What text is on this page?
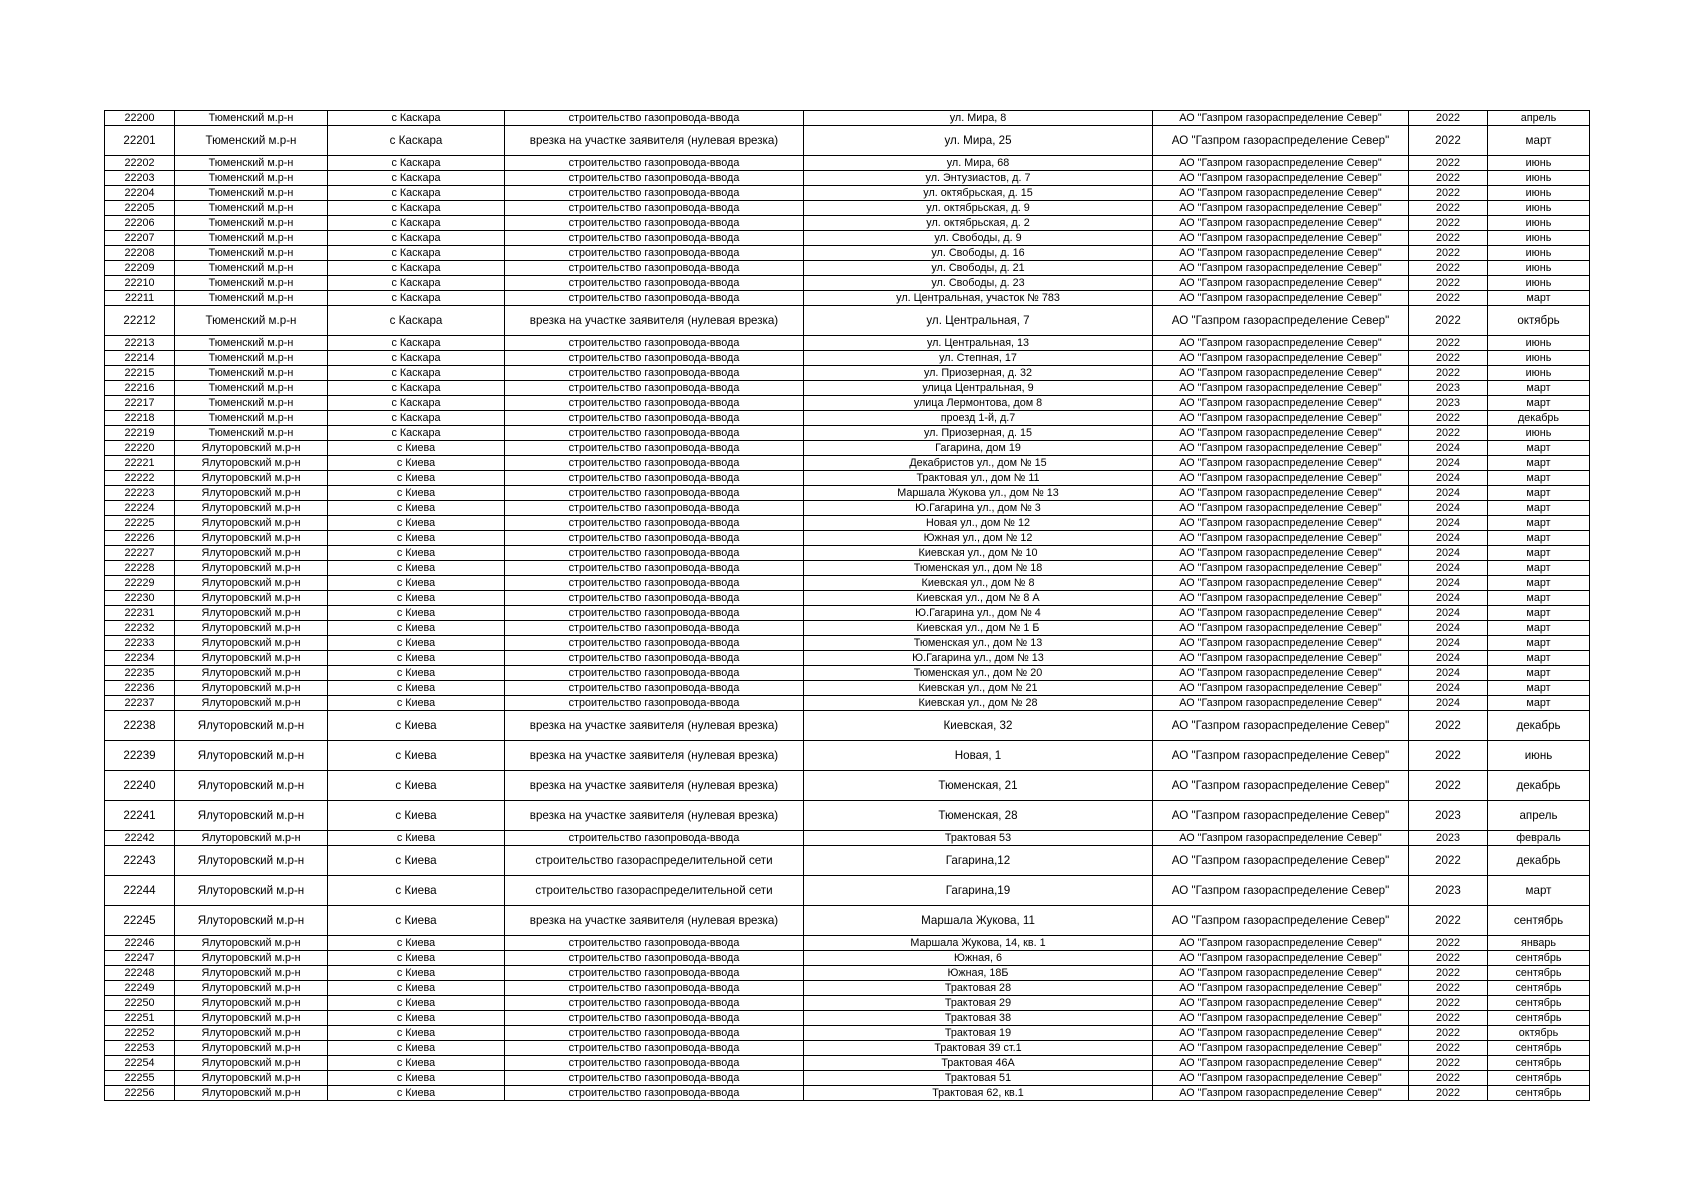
22200	Тюменский м.р-н	с Каскара	строительство газопровода-ввода	ул. Мира, 8	АО "Газпром газораспределение Север"	2022	апрель
22201	Тюменский м.р-н	с Каскара	врезка на участке заявителя (нулевая врезка)	ул. Мира, 25	АО "Газпром газораспределение Север"	2022	март
22202	Тюменский м.р-н	с Каскара	строительство газопровода-ввода	ул. Мира, 68	АО "Газпром газораспределение Север"	2022	июнь
22203	Тюменский м.р-н	с Каскара	строительство газопровода-ввода	ул. Энтузиастов, д. 7	АО "Газпром газораспределение Север"	2022	июнь
22204	Тюменский м.р-н	с Каскара	строительство газопровода-ввода	ул. октябрьская, д. 15	АО "Газпром газораспределение Север"	2022	июнь
22205	Тюменский м.р-н	с Каскара	строительство газопровода-ввода	ул. октябрьская, д. 9	АО "Газпром газораспределение Север"	2022	июнь
22206	Тюменский м.р-н	с Каскара	строительство газопровода-ввода	ул. октябрьская, д. 2	АО "Газпром газораспределение Север"	2022	июнь
22207	Тюменский м.р-н	с Каскара	строительство газопровода-ввода	ул. Свободы, д. 9	АО "Газпром газораспределение Север"	2022	июнь
22208	Тюменский м.р-н	с Каскара	строительство газопровода-ввода	ул. Свободы, д. 16	АО "Газпром газораспределение Север"	2022	июнь
22209	Тюменский м.р-н	с Каскара	строительство газопровода-ввода	ул. Свободы, д. 21	АО "Газпром газораспределение Север"	2022	июнь
22210	Тюменский м.р-н	с Каскара	строительство газопровода-ввода	ул. Свободы, д. 23	АО "Газпром газораспределение Север"	2022	июнь
22211	Тюменский м.р-н	с Каскара	строительство газопровода-ввода	ул. Центральная, участок № 783	АО "Газпром газораспределение Север"	2022	март
22212	Тюменский м.р-н	с Каскара	врезка на участке заявителя (нулевая врезка)	ул. Центральная, 7	АО "Газпром газораспределение Север"	2022	октябрь
22213	Тюменский м.р-н	с Каскара	строительство газопровода-ввода	ул. Центральная, 13	АО "Газпром газораспределение Север"	2022	июнь
22214	Тюменский м.р-н	с Каскара	строительство газопровода-ввода	ул. Степная, 17	АО "Газпром газораспределение Север"	2022	июнь
22215	Тюменский м.р-н	с Каскара	строительство газопровода-ввода	ул. Приозерная, д. 32	АО "Газпром газораспределение Север"	2022	июнь
22216	Тюменский м.р-н	с Каскара	строительство газопровода-ввода	улица Центральная, 9	АО "Газпром газораспределение Север"	2023	март
22217	Тюменский м.р-н	с Каскара	строительство газопровода-ввода	улица Лермонтова, дом 8	АО "Газпром газораспределение Север"	2023	март
22218	Тюменский м.р-н	с Каскара	строительство газопровода-ввода	проезд 1-й, д.7	АО "Газпром газораспределение Север"	2022	декабрь
22219	Тюменский м.р-н	с Каскара	строительство газопровода-ввода	ул. Приозерная, д. 15	АО "Газпром газораспределение Север"	2022	июнь
22220	Ялуторовский м.р-н	с Киева	строительство газопровода-ввода	Гагарина, дом 19	АО "Газпром газораспределение Север"	2024	март
22221	Ялуторовский м.р-н	с Киева	строительство газопровода-ввода	Декабристов ул., дом № 15	АО "Газпром газораспределение Север"	2024	март
22222	Ялуторовский м.р-н	с Киева	строительство газопровода-ввода	Трактовая ул., дом № 11	АО "Газпром газораспределение Север"	2024	март
22223	Ялуторовский м.р-н	с Киева	строительство газопровода-ввода	Маршала Жукова ул., дом № 13	АО "Газпром газораспределение Север"	2024	март
22224	Ялуторовский м.р-н	с Киева	строительство газопровода-ввода	Ю.Гагарина ул., дом № 3	АО "Газпром газораспределение Север"	2024	март
22225	Ялуторовский м.р-н	с Киева	строительство газопровода-ввода	Новая ул., дом № 12	АО "Газпром газораспределение Север"	2024	март
22226	Ялуторовский м.р-н	с Киева	строительство газопровода-ввода	Южная ул., дом № 12	АО "Газпром газораспределение Север"	2024	март
22227	Ялуторовский м.р-н	с Киева	строительство газопровода-ввода	Киевская ул., дом № 10	АО "Газпром газораспределение Север"	2024	март
22228	Ялуторовский м.р-н	с Киева	строительство газопровода-ввода	Тюменская ул., дом № 18	АО "Газпром газораспределение Север"	2024	март
22229	Ялуторовский м.р-н	с Киева	строительство газопровода-ввода	Киевская ул., дом № 8	АО "Газпром газораспределение Север"	2024	март
22230	Ялуторовский м.р-н	с Киева	строительство газопровода-ввода	Киевская ул., дом № 8 А	АО "Газпром газораспределение Север"	2024	март
22231	Ялуторовский м.р-н	с Киева	строительство газопровода-ввода	Ю.Гагарина ул., дом № 4	АО "Газпром газораспределение Север"	2024	март
22232	Ялуторовский м.р-н	с Киева	строительство газопровода-ввода	Киевская ул., дом № 1 Б	АО "Газпром газораспределение Север"	2024	март
22233	Ялуторовский м.р-н	с Киева	строительство газопровода-ввода	Тюменская ул., дом № 13	АО "Газпром газораспределение Север"	2024	март
22234	Ялуторовский м.р-н	с Киева	строительство газопровода-ввода	Ю.Гагарина ул., дом № 13	АО "Газпром газораспределение Север"	2024	март
22235	Ялуторовский м.р-н	с Киева	строительство газопровода-ввода	Тюменская ул., дом № 20	АО "Газпром газораспределение Север"	2024	март
22236	Ялуторовский м.р-н	с Киева	строительство газопровода-ввода	Киевская ул., дом № 21	АО "Газпром газораспределение Север"	2024	март
22237	Ялуторовский м.р-н	с Киева	строительство газопровода-ввода	Киевская ул., дом № 28	АО "Газпром газораспределение Север"	2024	март
22238	Ялуторовский м.р-н	с Киева	врезка на участке заявителя (нулевая врезка)	Киевская, 32	АО "Газпром газораспределение Север"	2022	декабрь
22239	Ялуторовский м.р-н	с Киева	врезка на участке заявителя (нулевая врезка)	Новая, 1	АО "Газпром газораспределение Север"	2022	июнь
22240	Ялуторовский м.р-н	с Киева	врезка на участке заявителя (нулевая врезка)	Тюменская, 21	АО "Газпром газораспределение Север"	2022	декабрь
22241	Ялуторовский м.р-н	с Киева	врезка на участке заявителя (нулевая врезка)	Тюменская, 28	АО "Газпром газораспределение Север"	2023	апрель
22242	Ялуторовский м.р-н	с Киева	строительство газопровода-ввода	Трактовая 53	АО "Газпром газораспределение Север"	2023	февраль
22243	Ялуторовский м.р-н	с Киева	строительство газораспределительной сети	Гагарина,12	АО "Газпром газораспределение Север"	2022	декабрь
22244	Ялуторовский м.р-н	с Киева	строительство газораспределительной сети	Гагарина,19	АО "Газпром газораспределение Север"	2023	март
22245	Ялуторовский м.р-н	с Киева	врезка на участке заявителя (нулевая врезка)	Маршала Жукова, 11	АО "Газпром газораспределение Север"	2022	сентябрь
22246	Ялуторовский м.р-н	с Киева	строительство газопровода-ввода	Маршала Жукова, 14, кв. 1	АО "Газпром газораспределение Север"	2022	январь
22247	Ялуторовский м.р-н	с Киева	строительство газопровода-ввода	Южная, 6	АО "Газпром газораспределение Север"	2022	сентябрь
22248	Ялуторовский м.р-н	с Киева	строительство газопровода-ввода	Южная, 18Б	АО "Газпром газораспределение Север"	2022	сентябрь
22249	Ялуторовский м.р-н	с Киева	строительство газопровода-ввода	Трактовая 28	АО "Газпром газораспределение Север"	2022	сентябрь
22250	Ялуторовский м.р-н	с Киева	строительство газопровода-ввода	Трактовая 29	АО "Газпром газораспределение Север"	2022	сентябрь
22251	Ялуторовский м.р-н	с Киева	строительство газопровода-ввода	Трактовая 38	АО "Газпром газораспределение Север"	2022	сентябрь
22252	Ялуторовский м.р-н	с Киева	строительство газопровода-ввода	Трактовая 19	АО "Газпром газораспределение Север"	2022	октябрь
22253	Ялуторовский м.р-н	с Киева	строительство газопровода-ввода	Трактовая 39 ст.1	АО "Газпром газораспределение Север"	2022	сентябрь
22254	Ялуторовский м.р-н	с Киева	строительство газопровода-ввода	Трактовая 46А	АО "Газпром газораспределение Север"	2022	сентябрь
22255	Ялуторовский м.р-н	с Киева	строительство газопровода-ввода	Трактовая 51	АО "Газпром газораспределение Север"	2022	сентябрь
22256	Ялуторовский м.р-н	с Киева	строительство газопровода-ввода	Трактовая 62, кв.1	АО "Газпром газораспределение Север"	2022	сентябрь
